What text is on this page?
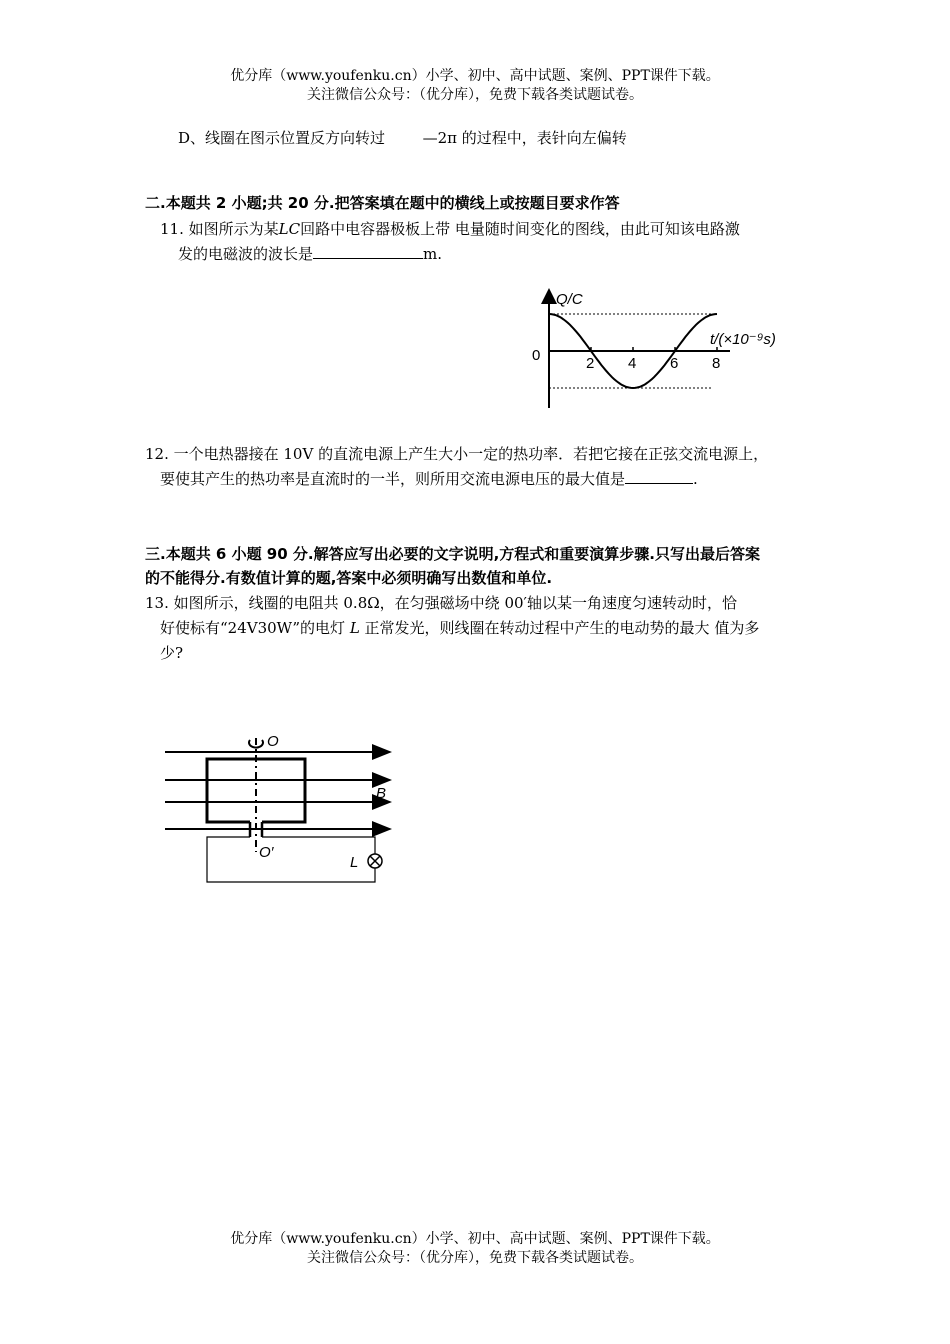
优分库（www.youfenku.cn）小学、初中、高中试题、案例、PPT课件下载。
关注微信公众号：（优分库），免费下载各类试题试卷。
D、线圈在图示位置反方向转过	—2π 的过程中，表针向左偏转
二.本题共 2 小题;共 20 分.把答案填在题中的横线上或按题目要求作答
11. 如图所示为某LC回路中电容器极板上带 电量随时间变化的图线，由此可知该电路激
发的电磁波的波长是	m.
Q/C
0
t/(×10⁻⁹s)
2 4 6 8
12. 一个电热器接在 10V 的直流电源上产生大小一定的热功率．若把它接在正弦交流电源上，
要使其产生的热功率是直流时的一半，则所用交流电源电压的最大值是	.
三.本题共 6 小题 90 分.解答应写出必要的文字说明,方程式和重要演算步骤.只写出最后答案
的不能得分.有数值计算的题,答案中必须明确写出数值和单位.
13. 如图所示，线圈的电阻共 0.8Ω，在匀强磁场中绕 00′轴以某一角速度匀速转动时，恰
好使标有“24V30W”的电灯 L 正常发光，则线圈在转动过程中产生的电动势的最大 值为多
少?
O
O′
B
L
优分库（www.youfenku.cn）小学、初中、高中试题、案例、PPT课件下载。
关注微信公众号：（优分库），免费下载各类试题试卷。
